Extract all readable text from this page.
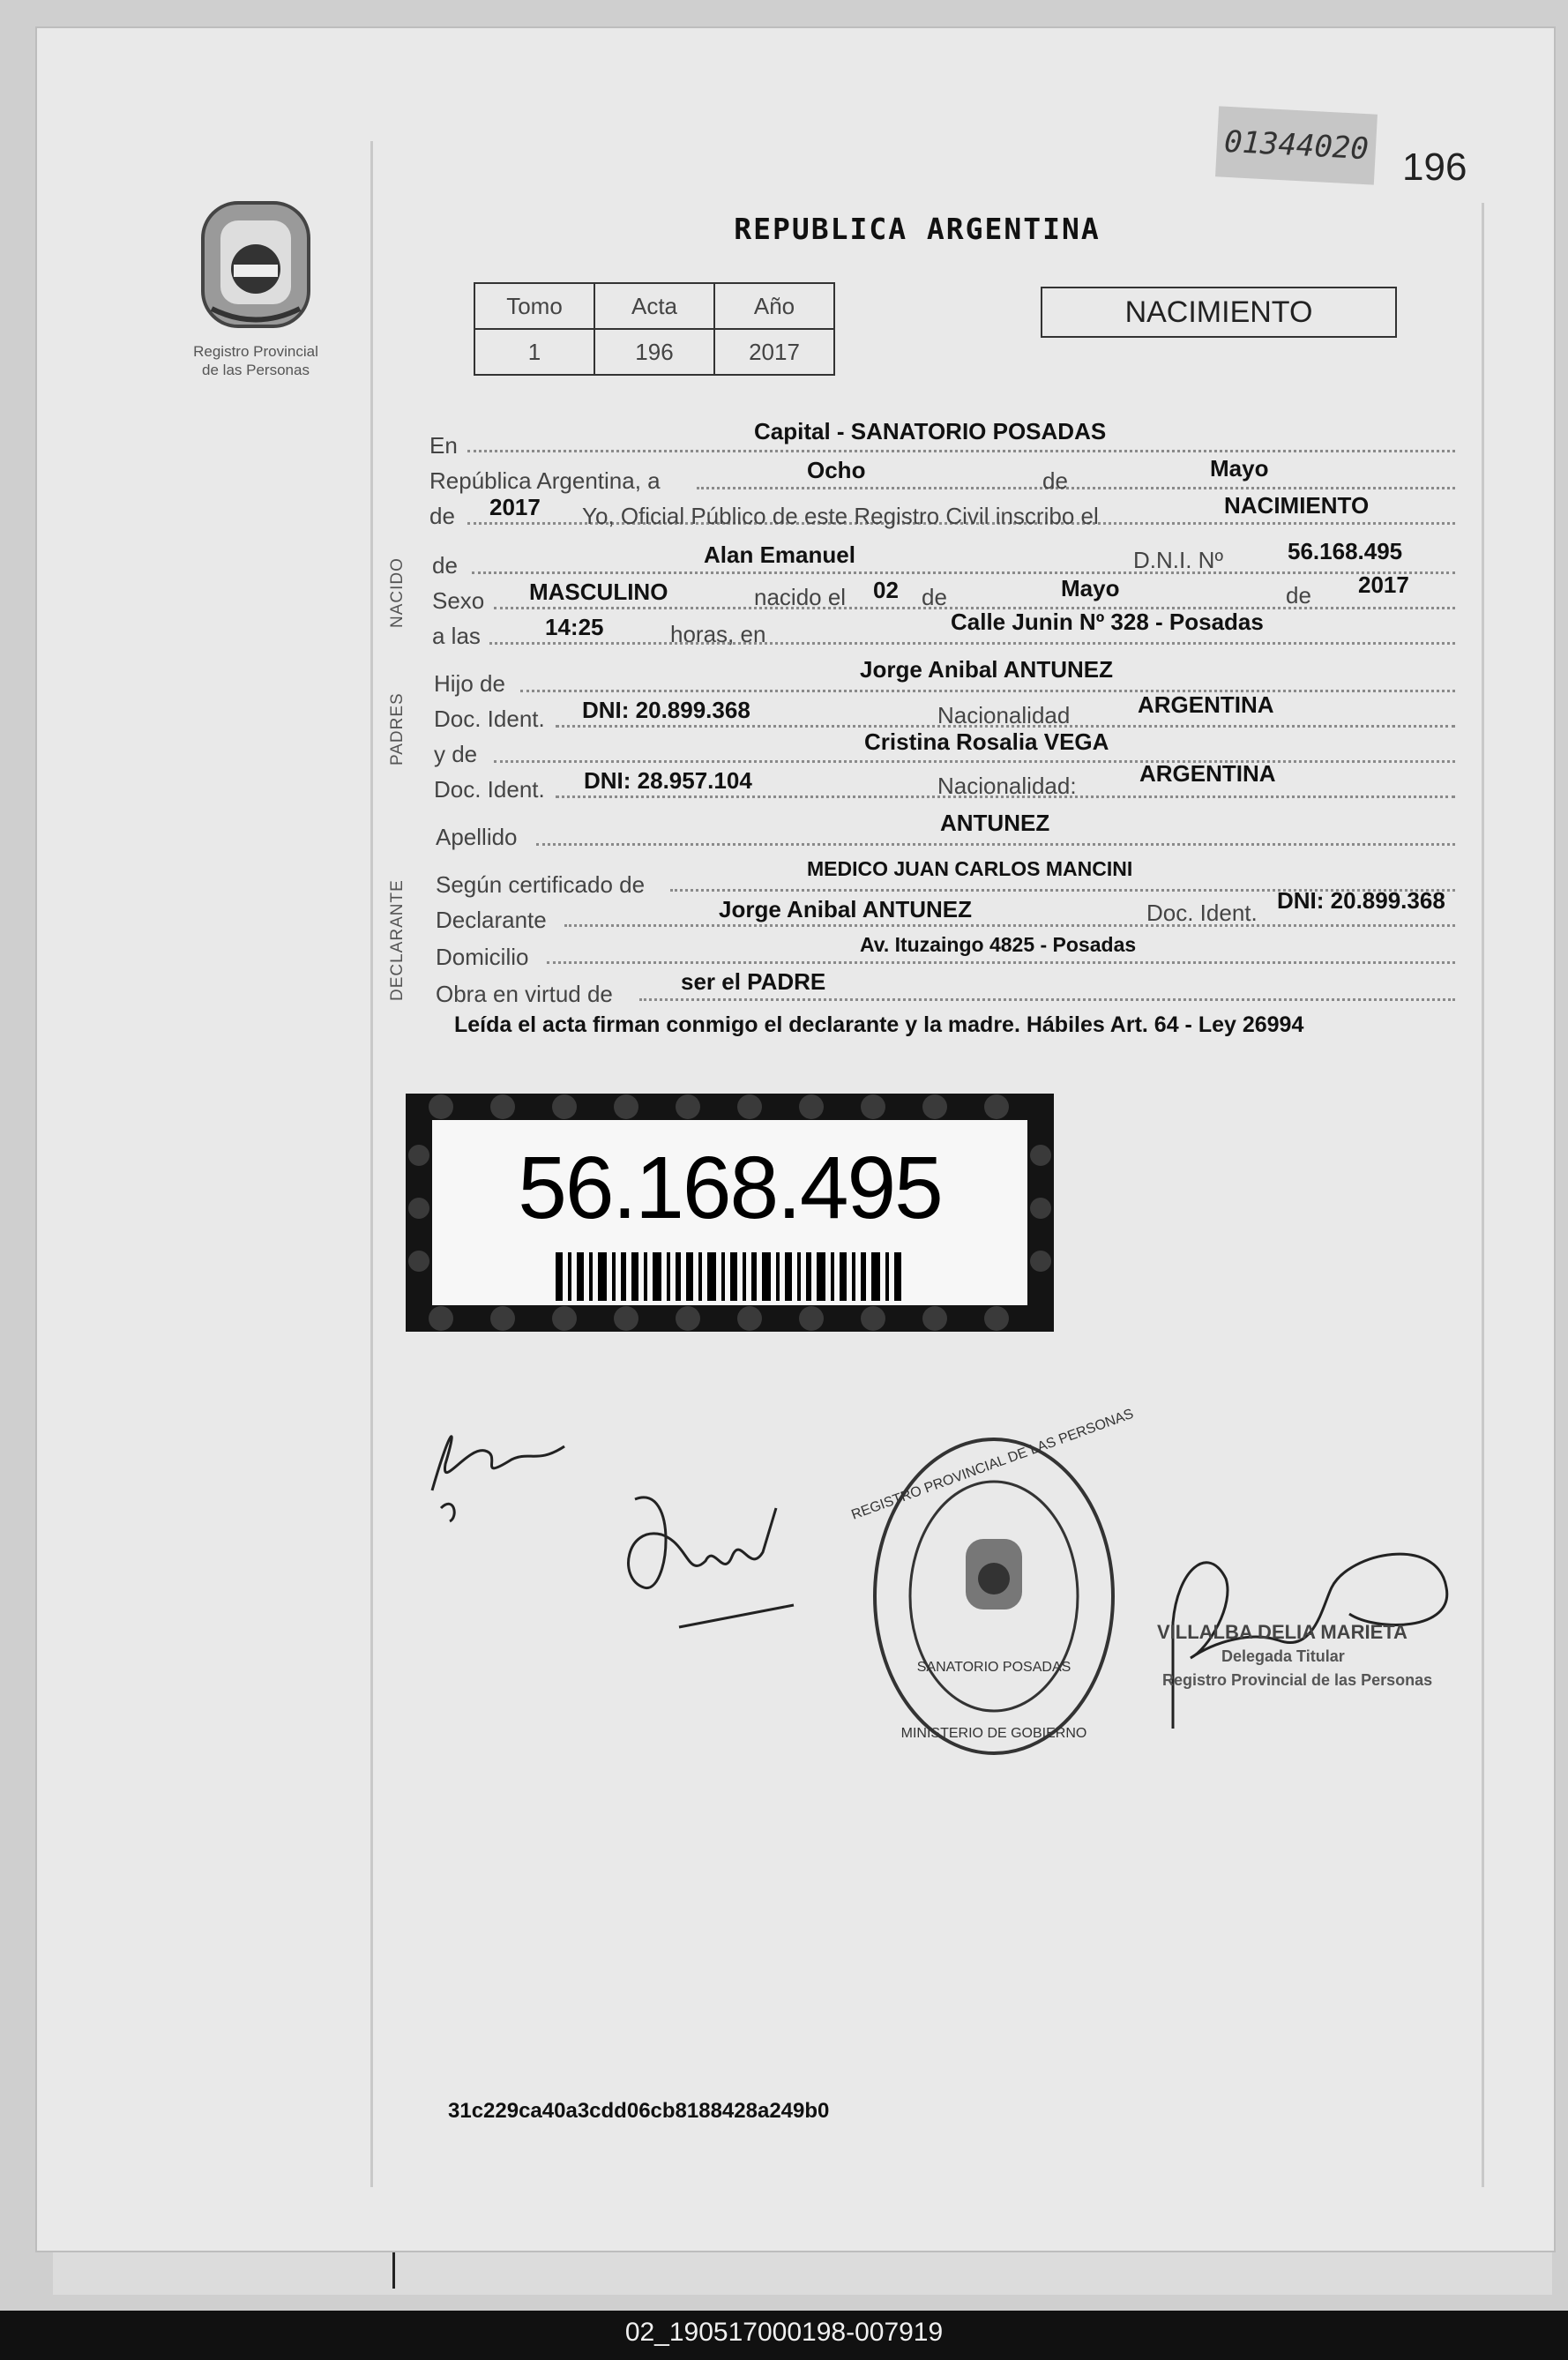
01344020
196
Registro Provincial
de las Personas
REPUBLICA ARGENTINA
Tomo	Acta	Año
1	196	2017
NACIMIENTO
NACIDO
PADRES
DECLARANTE
En
Capital - SANATORIO POSADAS
República Argentina, a	Ocho	de	Mayo
de 2017 Yo, Oficial Público de este Registro Civil inscribo el	NACIMIENTO
de	Alan Emanuel	D.N.I. Nº	56.168.495
Sexo MASCULINO	nacido el 02 de	Mayo	de 2017
a las	14:25	horas, en	Calle Junin Nº 328 - Posadas
Hijo de
Jorge Anibal ANTUNEZ
Doc. Ident. DNI: 20.899.368	Nacionalidad	ARGENTINA
y de	Cristina Rosalia VEGA
Doc. Ident. DNI: 28.957.104	Nacionalidad:	ARGENTINA
Apellido
ANTUNEZ
Según certificado de
MEDICO JUAN CARLOS MANCINI
Declarante	Jorge Anibal ANTUNEZ	Doc. Ident. DNI: 20.899.368
Domicilio	Av. Ituzaingo 4825 - Posadas
Obra en virtud de	ser el PADRE
Leída el acta firman conmigo el declarante y la madre. Hábiles Art. 64 - Ley 26994
56.168.495
REGISTRO PROVINCIAL DE LAS PERSONAS
SANATORIO POSADAS
MINISTERIO DE GOBIERNO
VILLALBA DELIA MARIETA
Delegada Titular
Registro Provincial de las Personas
31c229ca40a3cdd06cb8188428a249b0
02_190517000198-007919
